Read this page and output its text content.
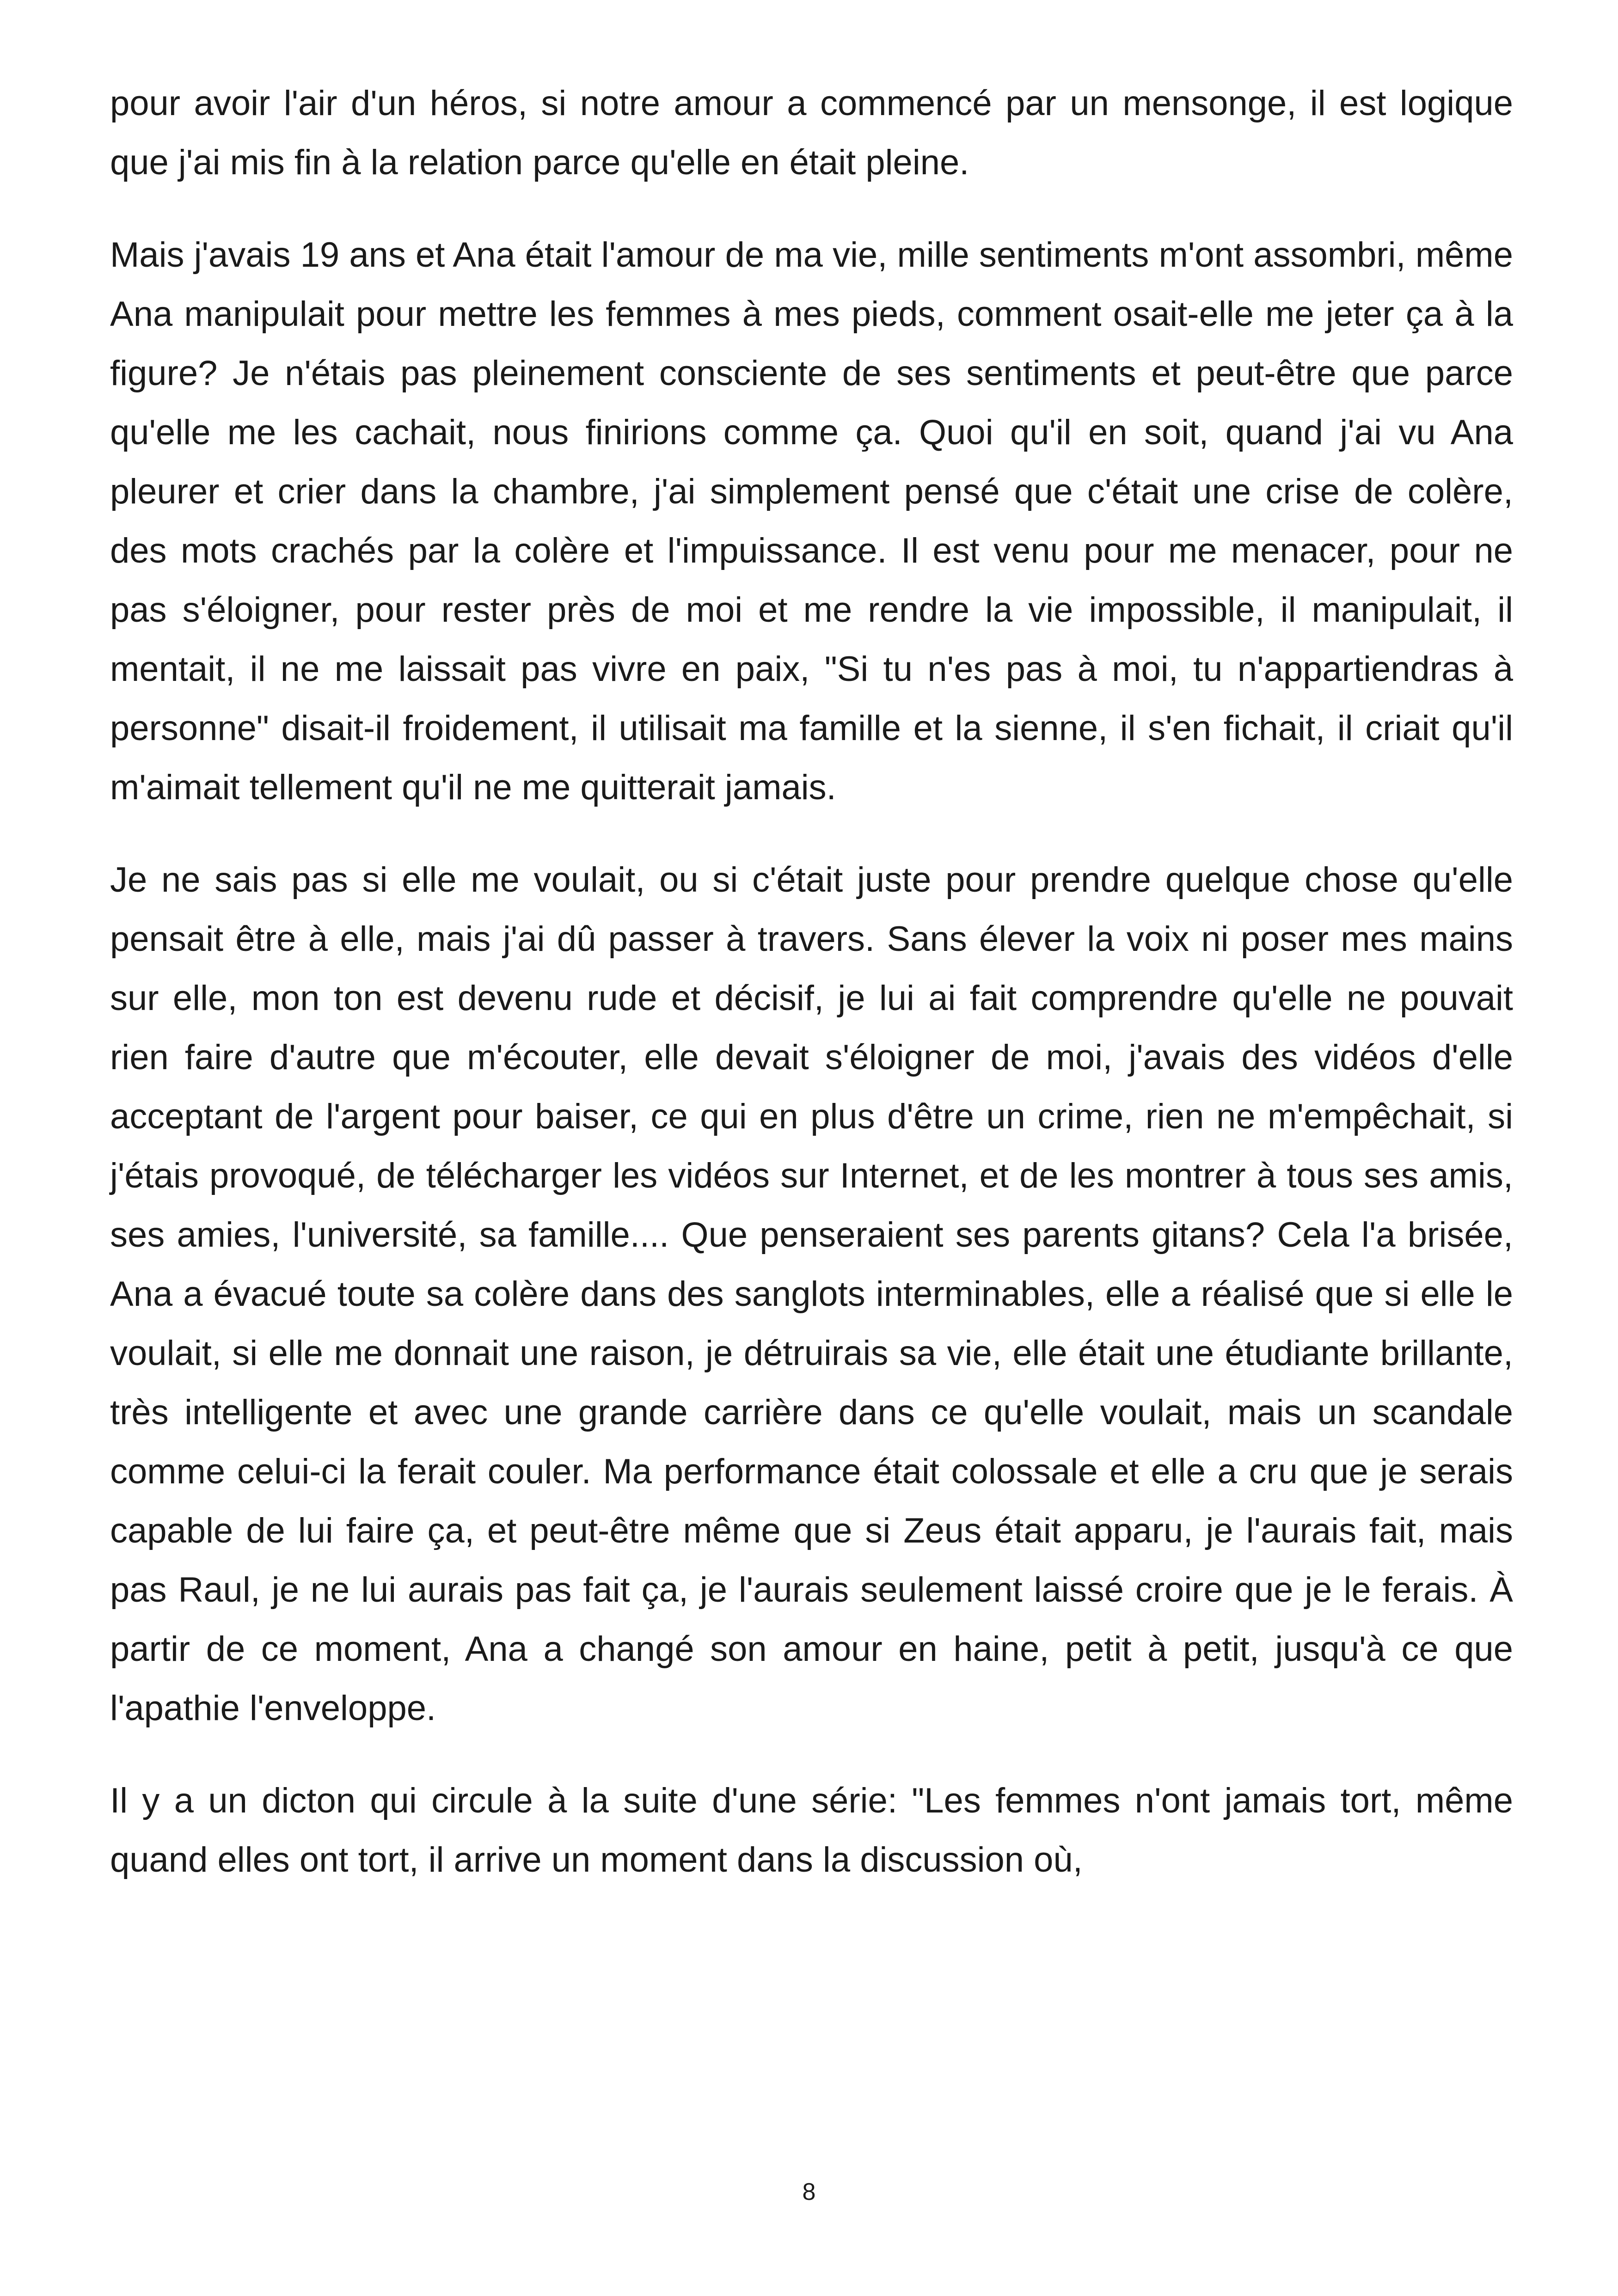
pour avoir l'air d'un héros, si notre amour a commencé par un mensonge, il est logique que j'ai mis fin à la relation parce qu'elle en était pleine.

Mais j'avais 19 ans et Ana était l'amour de ma vie, mille sentiments m'ont assombri, même Ana manipulait pour mettre les femmes à mes pieds, comment osait-elle me jeter ça à la figure? Je n'étais pas pleinement consciente de ses sentiments et peut-être que parce qu'elle me les cachait, nous finirions comme ça. Quoi qu'il en soit, quand j'ai vu Ana pleurer et crier dans la chambre, j'ai simplement pensé que c'était une crise de colère, des mots crachés par la colère et l'impuissance. Il est venu pour me menacer, pour ne pas s'éloigner, pour rester près de moi et me rendre la vie impossible, il manipulait, il mentait, il ne me laissait pas vivre en paix, "Si tu n'es pas à moi, tu n'appartiendras à personne" disait-il froidement, il utilisait ma famille et la sienne, il s'en fichait, il criait qu'il m'aimait tellement qu'il ne me quitterait jamais.

Je ne sais pas si elle me voulait, ou si c'était juste pour prendre quelque chose qu'elle pensait être à elle, mais j'ai dû passer à travers. Sans élever la voix ni poser mes mains sur elle, mon ton est devenu rude et décisif, je lui ai fait comprendre qu'elle ne pouvait rien faire d'autre que m'écouter, elle devait s'éloigner de moi, j'avais des vidéos d'elle acceptant de l'argent pour baiser, ce qui en plus d'être un crime, rien ne m'empêchait, si j'étais provoqué, de télécharger les vidéos sur Internet, et de les montrer à tous ses amis, ses amies, l'université, sa famille.... Que penseraient ses parents gitans? Cela l'a brisée, Ana a évacué toute sa colère dans des sanglots interminables, elle a réalisé que si elle le voulait, si elle me donnait une raison, je détruirais sa vie, elle était une étudiante brillante, très intelligente et avec une grande carrière dans ce qu'elle voulait, mais un scandale comme celui-ci la ferait couler. Ma performance était colossale et elle a cru que je serais capable de lui faire ça, et peut-être même que si Zeus était apparu, je l'aurais fait, mais pas Raul, je ne lui aurais pas fait ça, je l'aurais seulement laissé croire que je le ferais. À partir de ce moment, Ana a changé son amour en haine, petit à petit, jusqu'à ce que l'apathie l'enveloppe.

Il y a un dicton qui circule à la suite d'une série: "Les femmes n'ont jamais tort, même quand elles ont tort, il arrive un moment dans la discussion où,

8
